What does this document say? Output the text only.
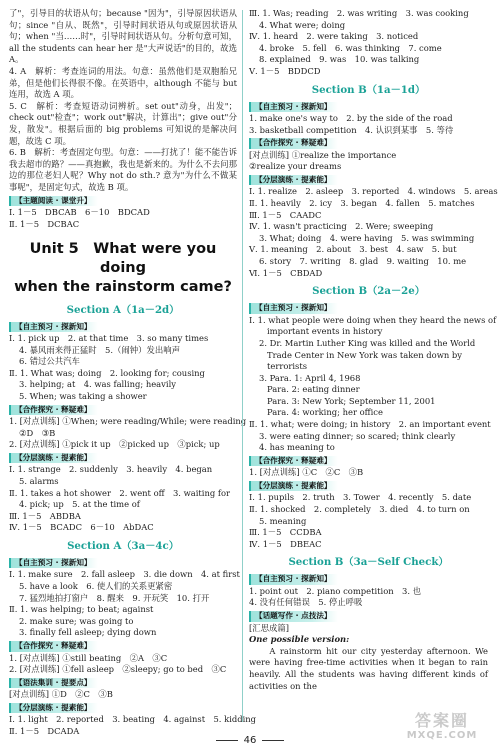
了"，引导目的状语从句；because "因为"，引导原因状语从句；since "自从、既然"，引导时间状语从句或原因状语从句；when "当……时"，引导时间状语从句。分析句意可知，all the students can hear her 是"大声说话"的目的，故选 A。
4. A　解析：考查连词的用法。句意：虽然他们是双胞胎兄弟，但是他们长得很不像。在英语中，although 不能与 but 连用，故选 A 项。
5. C　解析：考查短语动词辨析。set out"动身，出发"；check out"检查"；work out"解决，计算出"；give out"分发，散发"。根据后面的 big problems 可知说的是解决问题，故选 C 项。
6. B　解析：考查固定句型。句意：——打扰了！能不能告诉我去超市的路？——真抱歉，我也是新来的。为什么不去问那边的那位老妇人呢？Why not do sth.? 意为"为什么不做某事呢"，是固定句式，故选 B 项。
【主题阅读 · 课堂升】
Ⅰ. 1－5　DBCAB　6－10　BDCAD
Ⅱ. 1－5　DCBAC
Unit 5　What were you doing
when the rainstorm came?
Section A（1a－2d）
【自主预习 · 探新知】
Ⅰ. 1. pick up　2. at that time　3. so many times
4. 暴风雨来得正猛时　5.（闹钟）发出响声
6. 错过公共汽车
Ⅱ. 1. What was; doing　2. looking for; cousing
3. helping; at　4. was falling; heavily
5. When; was taking a shower
【合作探究 · 释疑难】
1. [对点训练] ①When; were reading/While; were reading
②D　③B
2. [对点训练] ①pick it up　②picked up　③pick; up
【分层演练 · 提素能】
Ⅰ. 1. strange　2. suddenly　3. heavily　4. began
5. alarms
Ⅱ. 1. takes a hot shower　2. went off　3. waiting for
4. pick; up　5. at the time of
Ⅲ. 1－5　ABDBA
Ⅳ. 1－5　BCADC　6－10　AbDAC
Section A（3a－4c）
【自主预习 · 探新知】
Ⅰ. 1. make sure　2. fall asleep　3. die down　4. at first
5. have a look　6. 使人们的关系更紧密
7. 猛烈地拍打窗户　8. 醒来　9. 开玩笑　10. 打开
Ⅱ. 1. was helping; to beat; against
2. make sure; was going to
3. finally fell asleep; dying down
【合作探究 · 释疑难】
1. [对点训练] ①still beating　②A　③C
2. [对点训练] ①fell asleep　②sleepy; go to bed　③C
【语法集训 · 提要点】
[对点训练] ①D　②C　③B
【分层演练 · 提素能】
Ⅰ. 1. light　2. reported　3. beating　4. against　5. kidding
Ⅱ. 1－5　DCADA
Ⅲ. 1. Was; reading　2. was writing　3. was cooking
4. What were; doing
Ⅳ. 1. heard　2. were taking　3. noticed
4. broke　5. fell　6. was thinking　7. come
8. explained　9. was　10. was talking
Ⅴ. 1－5　BDDCD
Section B（1a－1d）
【自主预习 · 探新知】
1. make one's way to　2. by the side of the road
3. basketball competition　4. 认识到某事　5. 等待
【合作探究 · 释疑难】
[对点训练] ①realize the importance
②realize your dreams
【分层演练 · 提素能】
Ⅰ. 1. realize　2. asleep　3. reported　4. windows　5. areas
Ⅱ. 1. heavily　2. icy　3. began　4. fallen　5. matches
Ⅲ. 1－5　CAADC
Ⅳ. 1. wasn't practicing　2. Were; sweeping
3. What; doing　4. were having　5. was swimming
Ⅴ. 1. meaning　2. about　3. best　4. saw　5. but
6. story　7. writing　8. glad　9. waiting　10. me
Ⅵ. 1－5　CBDAD
Section B（2a－2e）
【自主预习 · 探新知】
Ⅰ. 1. what people were doing when they heard the news of
important events in history
2. Dr. Martin Luther King was killed and the World
Trade Center in New York was taken down by
terrorists
3. Para. 1: April 4, 1968
Para. 2: eating dinner
Para. 3: New York; September 11, 2001
Para. 4: working; her office
Ⅱ. 1. what; were doing; in history　2. an important event
3. were eating dinner; so scared; think clearly
4. has meaning to
【合作探究 · 释疑难】
1. [对点训练] ①C　②C　③B
【分层演练 · 提素能】
Ⅰ. 1. pupils　2. truth　3. Tower　4. recently　5. date
Ⅱ. 1. shocked　2. completely　3. died　4. to turn on
5. meaning
Ⅲ. 1－5　CCDBA
Ⅳ. 1－5　DBEAC
Section B（3a－Self Check）
【自主预习 · 探新知】
1. point out　2. piano competition　3. 也
4. 没有任何错误　5. 停止呼吸
【话题写作 · 点技法】
[汇思成篇]
One possible version:
　　A rainstorm hit our city yesterday afternoon. We were having free-time activities when it began to rain heavily. All the students was having different kinds of activities on the
46
答案圈
MXQE.COM
